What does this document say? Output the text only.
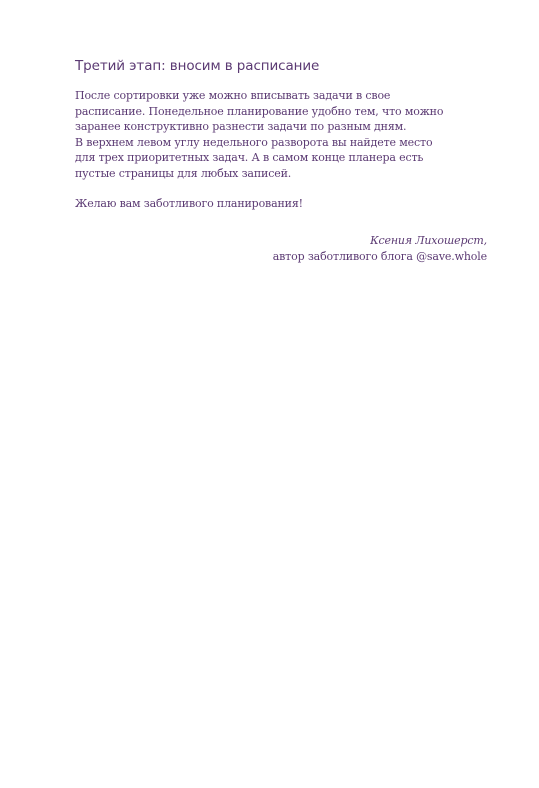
Третий этап: вносим в расписание

После сортировки уже можно вписывать задачи в свое
расписание. Понедельное планирование удобно тем, что можно
заранее конструктивно разнести задачи по разным дням.
В верхнем левом углу недельного разворота вы найдете место
для трех приоритетных задач. А в самом конце планера есть
пустые страницы для любых записей.

Желаю вам заботливого планирования!

Ксения Лихошерст,
автор заботливого блога @save.whole
